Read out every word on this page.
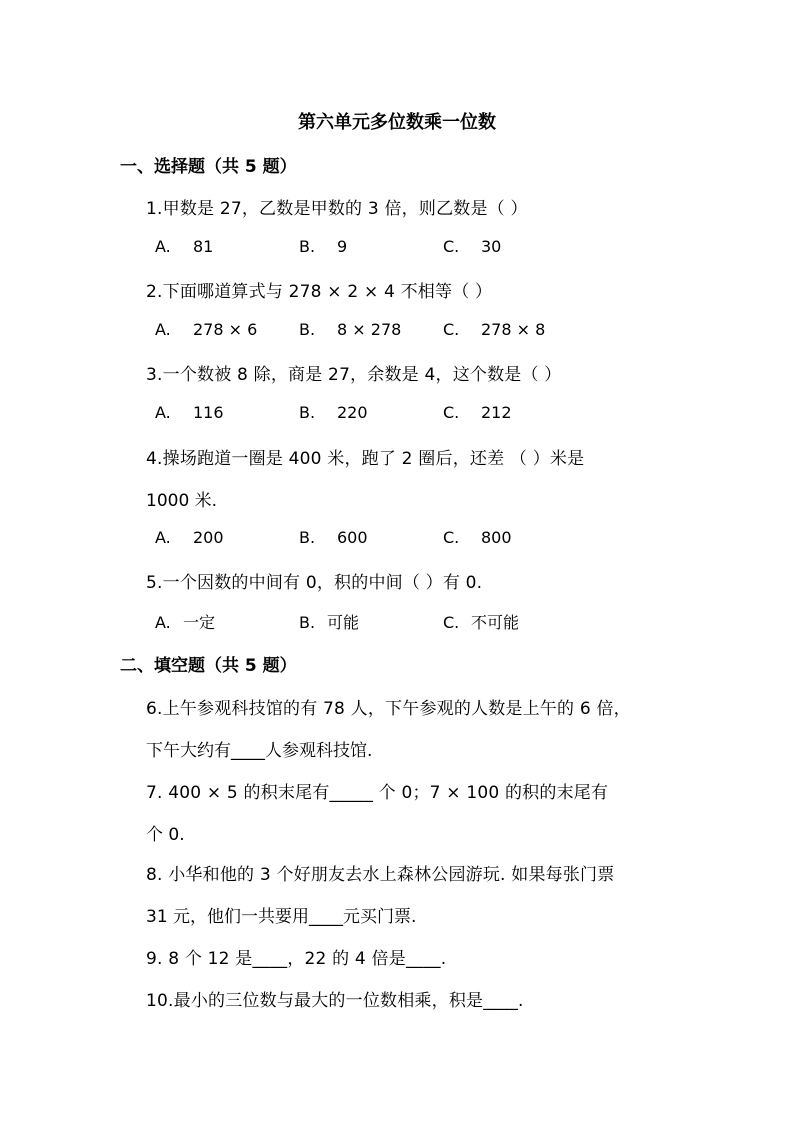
第六单元多位数乘一位数
一、选择题（共 5 题）
1.甲数是 27，乙数是甲数的 3 倍，则乙数是（ ）
A. 81	B. 9	C. 30
2.下面哪道算式与 278 × 2 × 4 不相等（ ）
A. 278 × 6	B. 8 × 278	C. 278 × 8
3.一个数被 8 除，商是 27，余数是 4，这个数是（ ）
A. 116	B. 220	C. 212
4.操场跑道一圈是 400 米，跑了 2 圈后，还差 （ ）米是
1000 米.
A. 200	B. 600	C. 800
5.一个因数的中间有 0，积的中间（ ）有 0.
A. 一定	B. 可能	C. 不可能
二、填空题（共 5 题）
6.上午参观科技馆的有 78 人，下午参观的人数是上午的 6 倍，
下午大约有____人参观科技馆.
7. 400 × 5 的积末尾有_____ 个 0；7 × 100 的积的末尾有
个 0.
8. 小华和他的 3 个好朋友去水上森林公园游玩. 如果每张门票
31 元，他们一共要用____元买门票.
9. 8 个 12 是____，22 的 4 倍是____.
10.最小的三位数与最大的一位数相乘，积是____.
